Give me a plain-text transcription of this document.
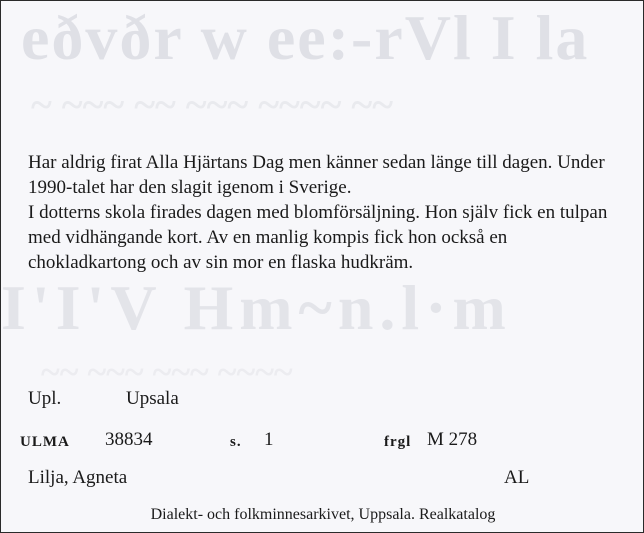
eðvðr w ee:-rVl I la
~ ~~~ ~~ ~~~ ~~~~ ~~
I'I'V Hm~n.l·m
~~ ~~~ ~~~ ~~~~

Har aldrig firat Alla Hjärtans Dag men känner sedan länge till dagen. Under 1990-talet har den slagit igenom i Sverige.

I dotterns skola firades dagen med blomförsäljning. Hon själv fick en tulpan med vidhängande kort. Av en manlig kompis fick hon också en chokladkartong och av sin mor en flaska hudkräm.

Upl.	Upsala
ULMA 38834	s. 1	frgl M 278
Lilja, Agneta	AL
Dialekt- och folkminnesarkivet, Uppsala. Realkatalog
